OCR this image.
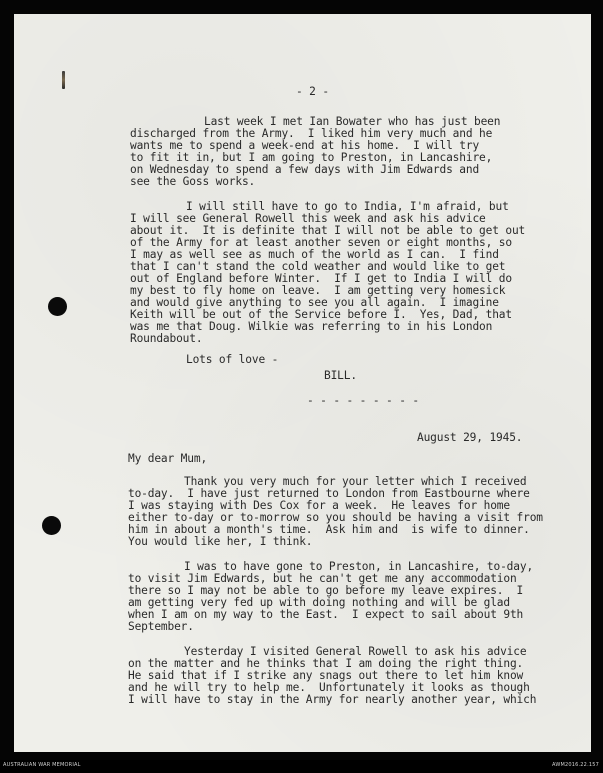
- 2 -
Last week I met Ian Bowater who has just been
discharged from the Army.  I liked him very much and he
wants me to spend a week-end at his home.  I will try
to fit it in, but I am going to Preston, in Lancashire,
on Wednesday to spend a few days with Jim Edwards and
see the Goss works.
I will still have to go to India, I'm afraid, but
I will see General Rowell this week and ask his advice
about it.  It is definite that I will not be able to get out
of the Army for at least another seven or eight months, so
I may as well see as much of the world as I can.  I find
that I can't stand the cold weather and would like to get
out of England before Winter.  If I get to India I will do
my best to fly home on leave.  I am getting very homesick
and would give anything to see you all again.  I imagine
Keith will be out of the Service before I.  Yes, Dad, that
was me that Doug. Wilkie was referring to in his London
Roundabout.
Lots of love -
BILL.
- - - - - - - - -
August 29, 1945.
My dear Mum,
Thank you very much for your letter which I received
to-day.  I have just returned to London from Eastbourne where
I was staying with Des Cox for a week.  He leaves for home
either to-day or to-morrow so you should be having a visit from
him in about a month's time.  Ask him and  is wife to dinner.
You would like her, I think.
I was to have gone to Preston, in Lancashire, to-day,
to visit Jim Edwards, but he can't get me any accommodation
there so I may not be able to go before my leave expires.  I
am getting very fed up with doing nothing and will be glad
when I am on my way to the East.  I expect to sail about 9th
September.
Yesterday I visited General Rowell to ask his advice
on the matter and he thinks that I am doing the right thing.
He said that if I strike any snags out there to let him know
and he will try to help me.  Unfortunately it looks as though
I will have to stay in the Army for nearly another year, which
AUSTRALIAN WAR MEMORIAL	AWM2016.22.157
